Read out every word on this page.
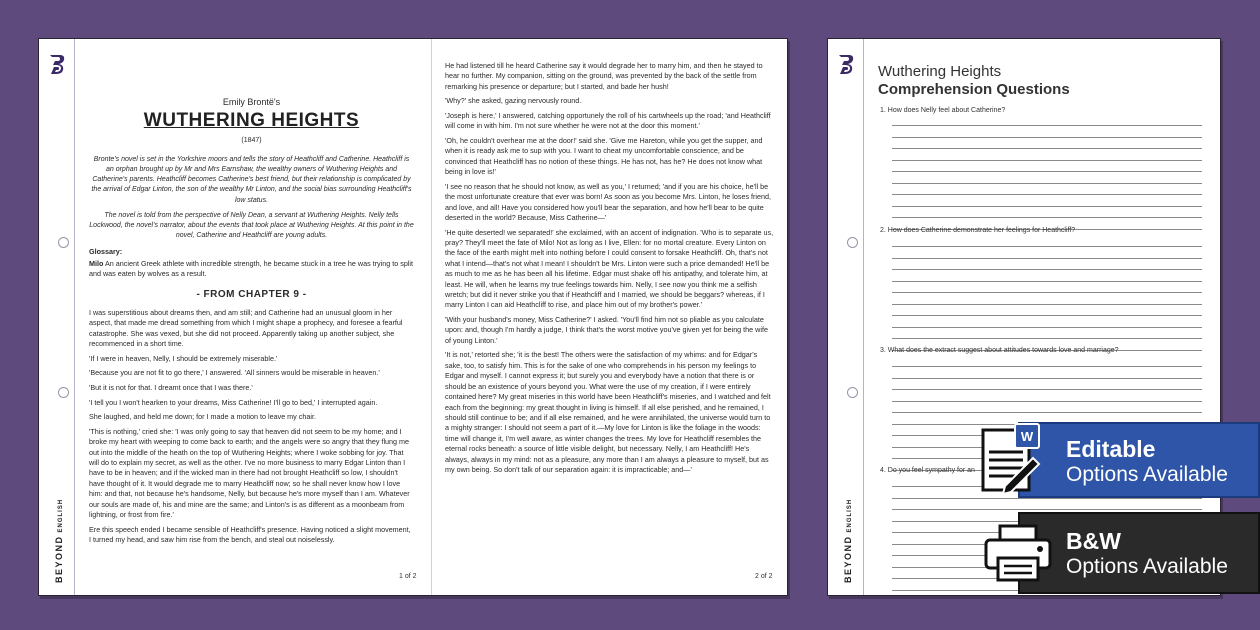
BEYONDENGLISH
Emily Brontë's
WUTHERING HEIGHTS
(1847)

Bronte's novel is set in the Yorkshire moors and tells the story of Heathcliff and Catherine. Heathcliff is an orphan brought up by Mr and Mrs Earnshaw, the wealthy owners of Wuthering Heights and Catherine's parents. Heathcliff becomes Catherine's best friend, but their relationship is complicated by the arrival of Edgar Linton, the son of the wealthy Mr Linton, and the social bias surrounding Heathcliff's low status.

The novel is told from the perspective of Nelly Dean, a servant at Wuthering Heights. Nelly tells Lockwood, the novel's narrator, about the events that took place at Wuthering Heights. At this point in the novel, Catherine and Heathcliff are young adults.

Glossary:

Milo An ancient Greek athlete with incredible strength, he became stuck in a tree he was trying to split and was eaten by wolves as a result.

- FROM CHAPTER 9 -

I was superstitious about dreams then, and am still; and Catherine had an unusual gloom in her aspect, that made me dread something from which I might shape a prophecy, and foresee a fearful catastrophe. She was vexed, but she did not proceed. Apparently taking up another subject, she recommenced in a short time.

'If I were in heaven, Nelly, I should be extremely miserable.'

'Because you are not fit to go there,' I answered. 'All sinners would be miserable in heaven.'

'But it is not for that. I dreamt once that I was there.'

'I tell you I won't hearken to your dreams, Miss Catherine! I'll go to bed,' I interrupted again.

She laughed, and held me down; for I made a motion to leave my chair.

'This is nothing,' cried she: 'I was only going to say that heaven did not seem to be my home; and I broke my heart with weeping to come back to earth; and the angels were so angry that they flung me out into the middle of the heath on the top of Wuthering Heights; where I woke sobbing for joy. That will do to explain my secret, as well as the other. I've no more business to marry Edgar Linton than I have to be in heaven; and if the wicked man in there had not brought Heathcliff so low, I shouldn't have thought of it. It would degrade me to marry Heathcliff now; so he shall never know how I love him: and that, not because he's handsome, Nelly, but because he's more myself than I am. Whatever our souls are made of, his and mine are the same; and Linton's is as different as a moonbeam from lightning, or frost from fire.'

Ere this speech ended I became sensible of Heathcliff's presence. Having noticed a slight movement, I turned my head, and saw him rise from the bench, and steal out noiselessly.

1 of 2

He had listened till he heard Catherine say it would degrade her to marry him, and then he stayed to hear no further. My companion, sitting on the ground, was prevented by the back of the settle from remarking his presence or departure; but I started, and bade her hush!

'Why?' she asked, gazing nervously round.

'Joseph is here,' I answered, catching opportunely the roll of his cartwheels up the road; 'and Heathcliff will come in with him. I'm not sure whether he were not at the door this moment.'

'Oh, he couldn't overhear me at the door!' said she. 'Give me Hareton, while you get the supper, and when it is ready ask me to sup with you. I want to cheat my uncomfortable conscience, and be convinced that Heathcliff has no notion of these things. He has not, has he? He does not know what being in love is!'

'I see no reason that he should not know, as well as you,' I returned; 'and if you are his choice, he'll be the most unfortunate creature that ever was born! As soon as you become Mrs. Linton, he loses friend, and love, and all! Have you considered how you'll bear the separation, and how he'll bear to be quite deserted in the world? Because, Miss Catherine—'

'He quite deserted! we separated!' she exclaimed, with an accent of indignation. 'Who is to separate us, pray? They'll meet the fate of Milo! Not as long as I live, Ellen: for no mortal creature. Every Linton on the face of the earth might melt into nothing before I could consent to forsake Heathcliff. Oh, that's not what I intend—that's not what I mean! I shouldn't be Mrs. Linton were such a price demanded! He'll be as much to me as he has been all his lifetime. Edgar must shake off his antipathy, and tolerate him, at least. He will, when he learns my true feelings towards him. Nelly, I see now you think me a selfish wretch; but did it never strike you that if Heathcliff and I married, we should be beggars? whereas, if I marry Linton I can aid Heathcliff to rise, and place him out of my brother's power.'

'With your husband's money, Miss Catherine?' I asked. 'You'll find him not so pliable as you calculate upon: and, though I'm hardly a judge, I think that's the worst motive you've given yet for being the wife of young Linton.'

'It is not,' retorted she; 'it is the best! The others were the satisfaction of my whims: and for Edgar's sake, too, to satisfy him. This is for the sake of one who comprehends in his person my feelings to Edgar and myself. I cannot express it; but surely you and everybody have a notion that there is or should be an existence of yours beyond you. What were the use of my creation, if I were entirely contained here? My great miseries in this world have been Heathcliff's miseries, and I watched and felt each from the beginning: my great thought in living is himself. If all else perished, and he remained, I should still continue to be; and if all else remained, and he were annihilated, the universe would turn to a mighty stranger: I should not seem a part of it.—My love for Linton is like the foliage in the woods: time will change it, I'm well aware, as winter changes the trees. My love for Heathcliff resembles the eternal rocks beneath: a source of little visible delight, but necessary. Nelly, I am Heathcliff! He's always, always in my mind: not as a pleasure, any more than I am always a pleasure to myself, but as my own being. So don't talk of our separation again: it is impracticable; and—'

2 of 2	BEYONDENGLISH
Wuthering Heights
Comprehension Questions
1. How does Nelly feel about Catherine?
2. How does Catherine demonstrate her feelings for Heathcliff?
3. What does the extract suggest about attitudes towards love and marriage?
4. Do you feel sympathy for an
Editable
Options Available
W
B&W
Options Available
